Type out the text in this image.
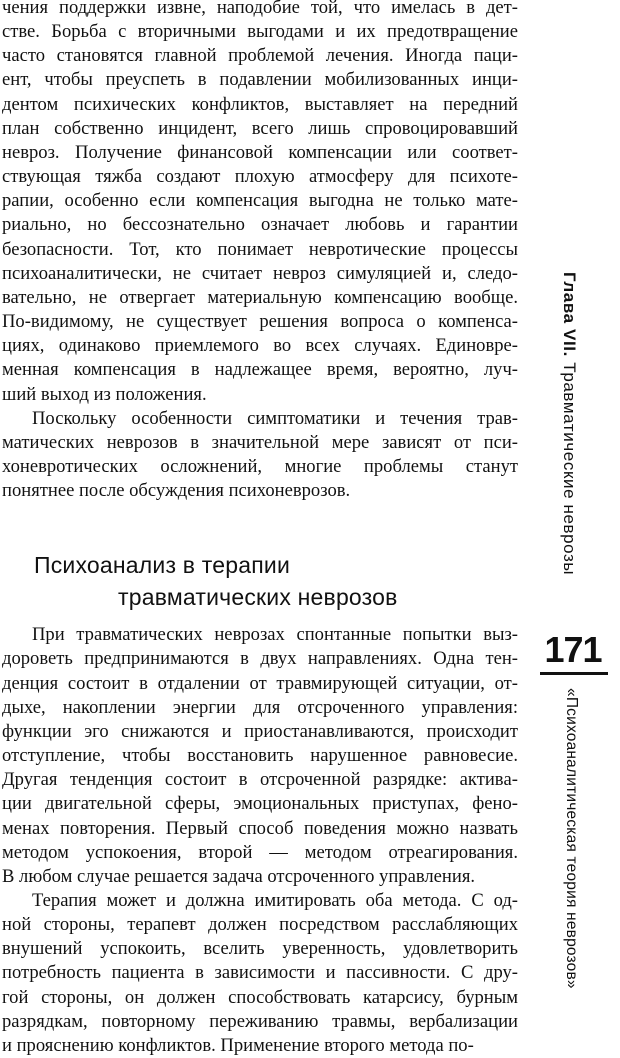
чения поддержки извне, наподобие той, что имелась в дет-
стве. Борьба с вторичными выгодами и их предотвращение
часто становятся главной проблемой лечения. Иногда паци-
ент, чтобы преуспеть в подавлении мобилизованных инци-
дентом психических конфликтов, выставляет на передний
план собственно инцидент, всего лишь спровоцировавший
невроз. Получение финансовой компенсации или соответ-
ствующая тяжба создают плохую атмосферу для психоте-
рапии, особенно если компенсация выгодна не только мате-
риально, но бессознательно означает любовь и гарантии
безопасности. Тот, кто понимает невротические процессы
психоаналитически, не считает невроз симуляцией и, следо-
вательно, не отвергает материальную компенсацию вообще.
По-видимому, не существует решения вопроса о компенса-
циях, одинаково приемлемого во всех случаях. Единовре-
менная компенсация в надлежащее время, вероятно, луч-
ший выход из положения.

Поскольку особенности симптоматики и течения трав-
матических неврозов в значительной мере зависят от пси-
хоневротических осложнений, многие проблемы станут
понятнее после обсуждения психоневрозов.

Психоанализ в терапии
травматических неврозов

При травматических неврозах спонтанные попытки выз-
дороветь предпринимаются в двух направлениях. Одна тен-
денция состоит в отдалении от травмирующей ситуации, от-
дыхе, накоплении энергии для отсроченного управления:
функции эго снижаются и приостанавливаются, происходит
отступление, чтобы восстановить нарушенное равновесие.
Другая тенденция состоит в отсроченной разрядке: активa-
ции двигательной сферы, эмоциональных приступах, фено-
менах повторения. Первый способ поведения можно назвать
методом успокоения, второй — методом отреагирования.
В любом случае решается задача отсроченного управления.

Терапия может и должна имитировать оба метода. С од-
ной стороны, терапевт должен посредством расслабляющих
внушений успокоить, вселить уверенность, удовлетворить
потребность пациента в зависимости и пассивности. С дру-
гой стороны, он должен способствовать катарсису, бурным
разрядкам, повторному переживанию травмы, вербализации
и прояснению конфликтов. Применение второго метода по-

Глава VII. Травматические неврозы
171
«Психоаналитическая теория неврозов»
